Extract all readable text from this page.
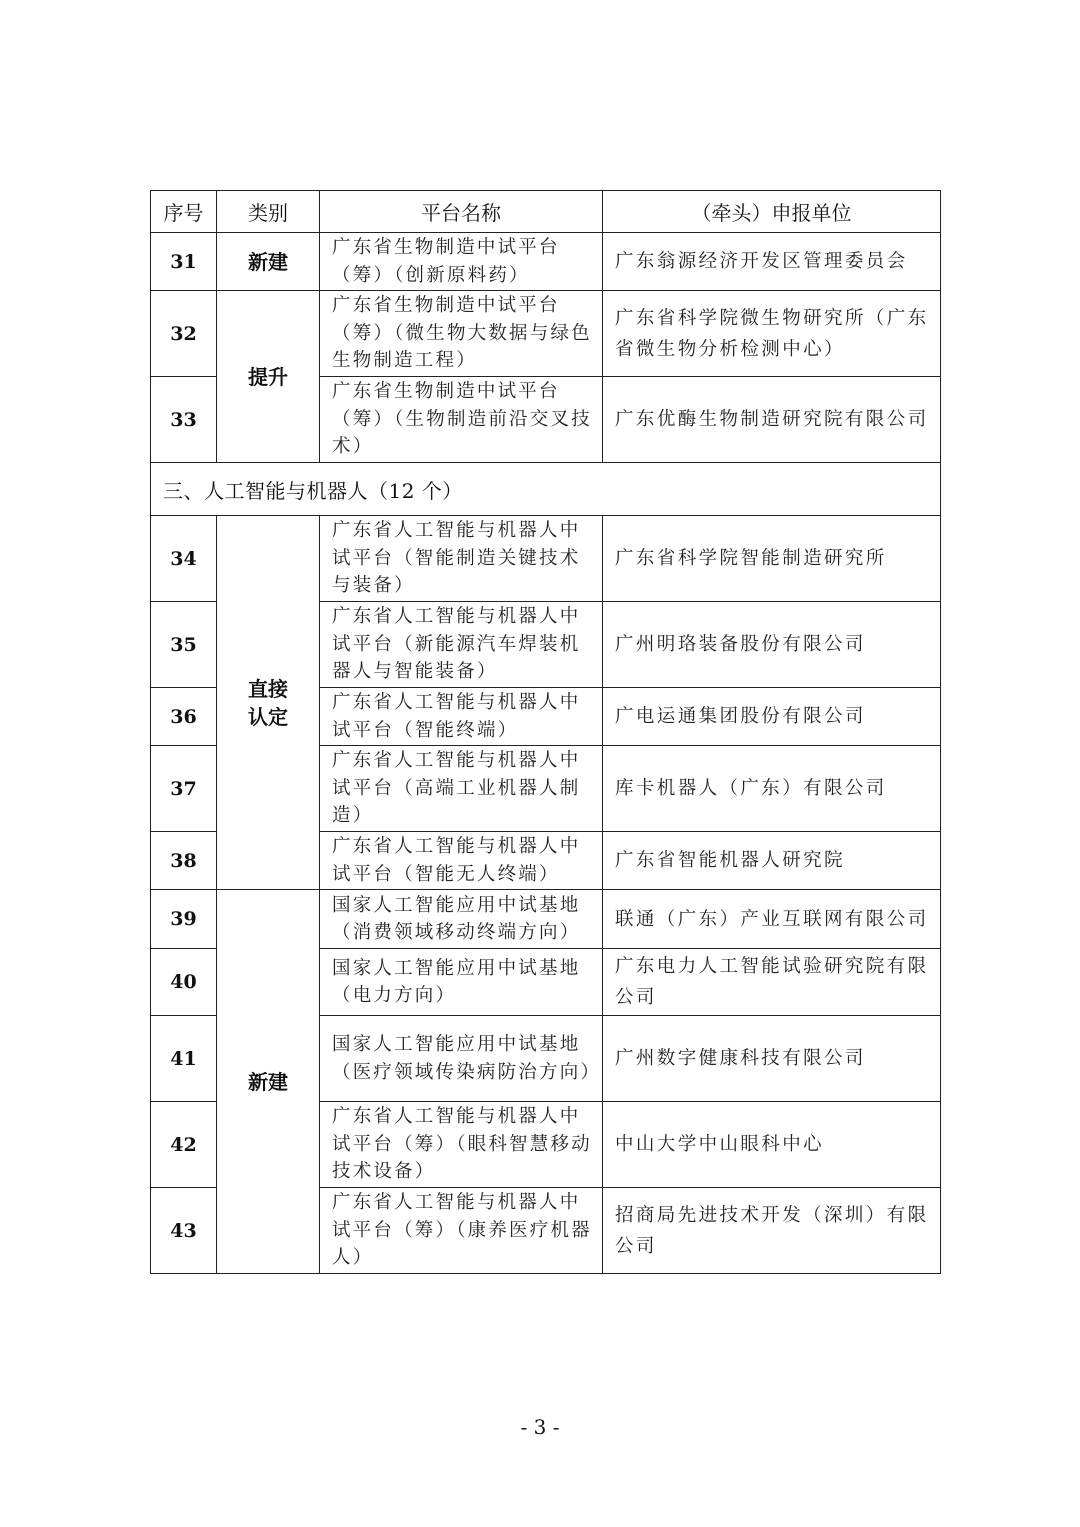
序号	类别	平台名称	（牵头）申报单位
31	新建	广东省生物制造中试平台（筹）（创新原料药）	广东翁源经济开发区管理委员会
32	提升	广东省生物制造中试平台（筹）（微生物大数据与绿色生物制造工程）	广东省科学院微生物研究所（广东省微生物分析检测中心）
33		广东省生物制造中试平台（筹）（生物制造前沿交叉技术）	广东优酶生物制造研究院有限公司
三、人工智能与机器人（12 个）			
34	直接认定	广东省人工智能与机器人中试平台（智能制造关键技术与装备）	广东省科学院智能制造研究所
35		广东省人工智能与机器人中试平台（新能源汽车焊装机器人与智能装备）	广州明珞装备股份有限公司
36		广东省人工智能与机器人中试平台（智能终端）	广电运通集团股份有限公司
37		广东省人工智能与机器人中试平台（高端工业机器人制造）	库卡机器人（广东）有限公司
38		广东省人工智能与机器人中试平台（智能无人终端）	广东省智能机器人研究院
39	新建	国家人工智能应用中试基地（消费领域移动终端方向）	联通（广东）产业互联网有限公司
40		国家人工智能应用中试基地（电力方向）	广东电力人工智能试验研究院有限公司
41		国家人工智能应用中试基地（医疗领域传染病防治方向）	广州数字健康科技有限公司
42		广东省人工智能与机器人中试平台（筹）（眼科智慧移动技术设备）	中山大学中山眼科中心
43		广东省人工智能与机器人中试平台（筹）（康养医疗机器人）	招商局先进技术开发（深圳）有限公司
- 3 -
